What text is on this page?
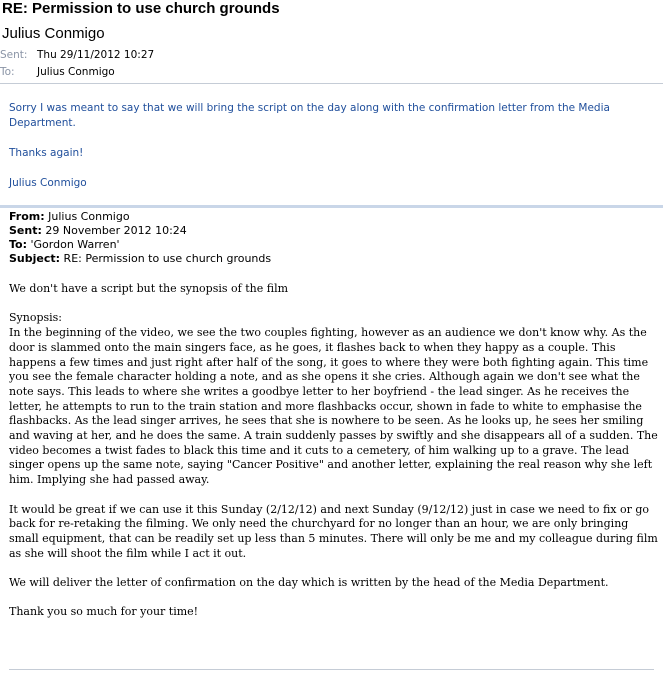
RE: Permission to use church grounds
Julius Conmigo
Sent: Thu 29/11/2012 10:27
To: Julius Conmigo

Sorry I was meant to say that we will bring the script on the day along with the confirmation letter from the Media Department.

Thanks again!

Julius Conmigo

From: Julius Conmigo
Sent: 29 November 2012 10:24
To: 'Gordon Warren'
Subject: RE: Permission to use church grounds

We don't have a script but the synopsis of the film

Synopsis:

In the beginning of the video, we see the two couples fighting, however as an audience we don't know why. As the door is slammed onto the main singers face, as he goes, it flashes back to when they happy as a couple. This happens a few times and just right after half of the song, it goes to where they were both fighting again. This time you see the female character holding a note, and as she opens it she cries. Although again we don't see what the note says. This leads to where she writes a goodbye letter to her boyfriend - the lead singer. As he receives the letter, he attempts to run to the train station and more flashbacks occur, shown in fade to white to emphasise the flashbacks. As the lead singer arrives, he sees that she is nowhere to be seen. As he looks up, he sees her smiling and waving at her, and he does the same. A train suddenly passes by swiftly and she disappears all of a sudden. The video becomes a twist fades to black this time and it cuts to a cemetery, of him walking up to a grave. The lead singer opens up the same note, saying "Cancer Positive" and another letter, explaining the real reason why she left him. Implying she had passed away.

It would be great if we can use it this Sunday (2/12/12) and next Sunday (9/12/12) just in case we need to fix or go back for re-retaking the filming. We only need the churchyard for no longer than an hour, we are only bringing small equipment, that can be readily set up less than 5 minutes. There will only be me and my colleague during film as she will shoot the film while I act it out.

We will deliver the letter of confirmation on the day which is written by the head of the Media Department.

Thank you so much for your time!
